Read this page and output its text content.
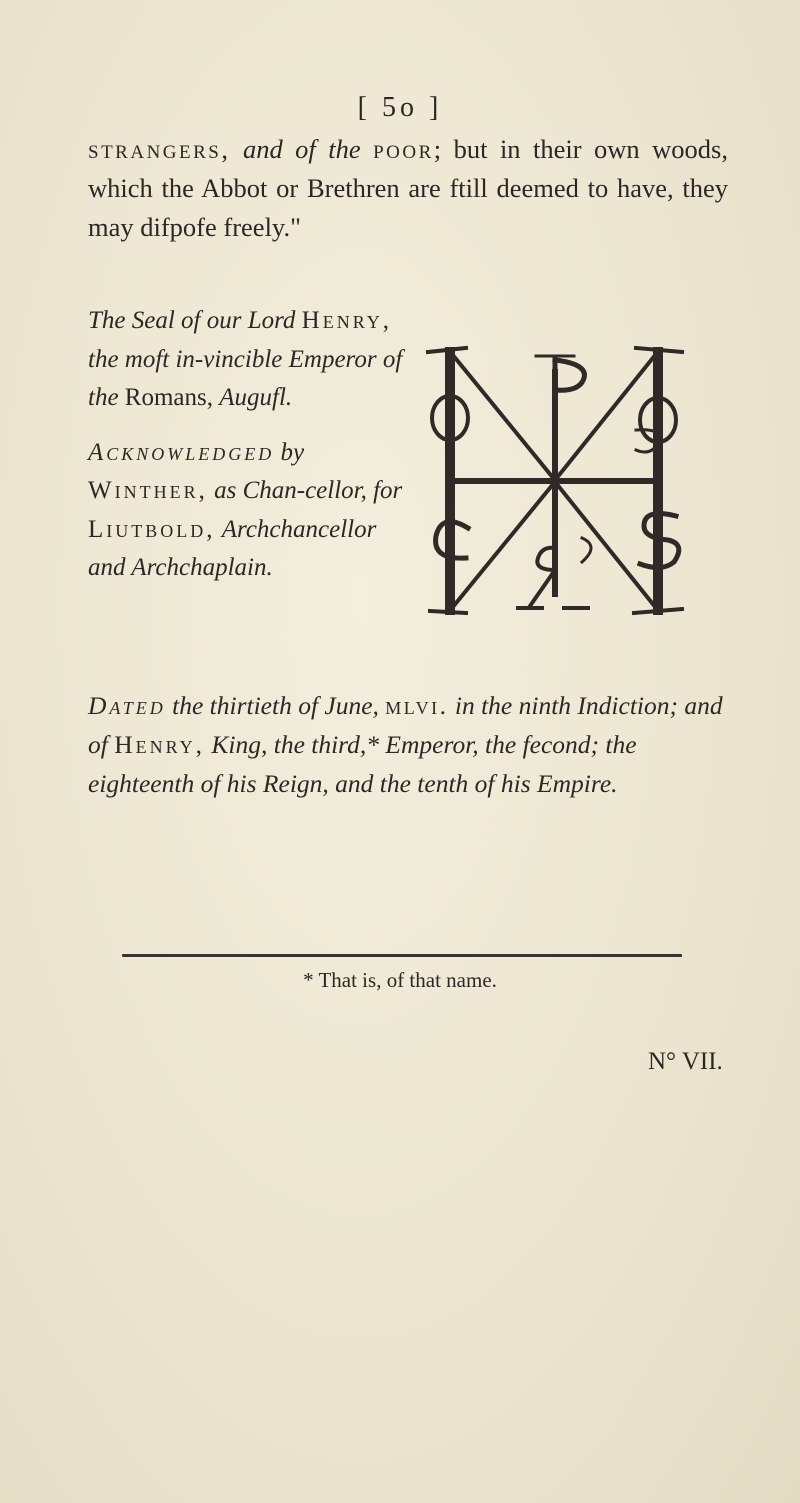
[ 5o ]
strangers, and of the poor; but in their own woods, which the Abbot or Brethren are ftill deemed to have, they may difpofe freely."

The Seal of our Lord Henry, the moft in-vincible Emperor of the Romans, Augufl.

Acknowledged by Winther, as Chan-cellor, for Liutbold, Archchancellor and Archchaplain.

Dated the thirtieth of June, mlvi. in the ninth Indiction; and of Henry, King, the third,* Emperor, the fecond; the eighteenth of his Reign, and the tenth of his Empire.
* That is, of that name.
N° VII.
